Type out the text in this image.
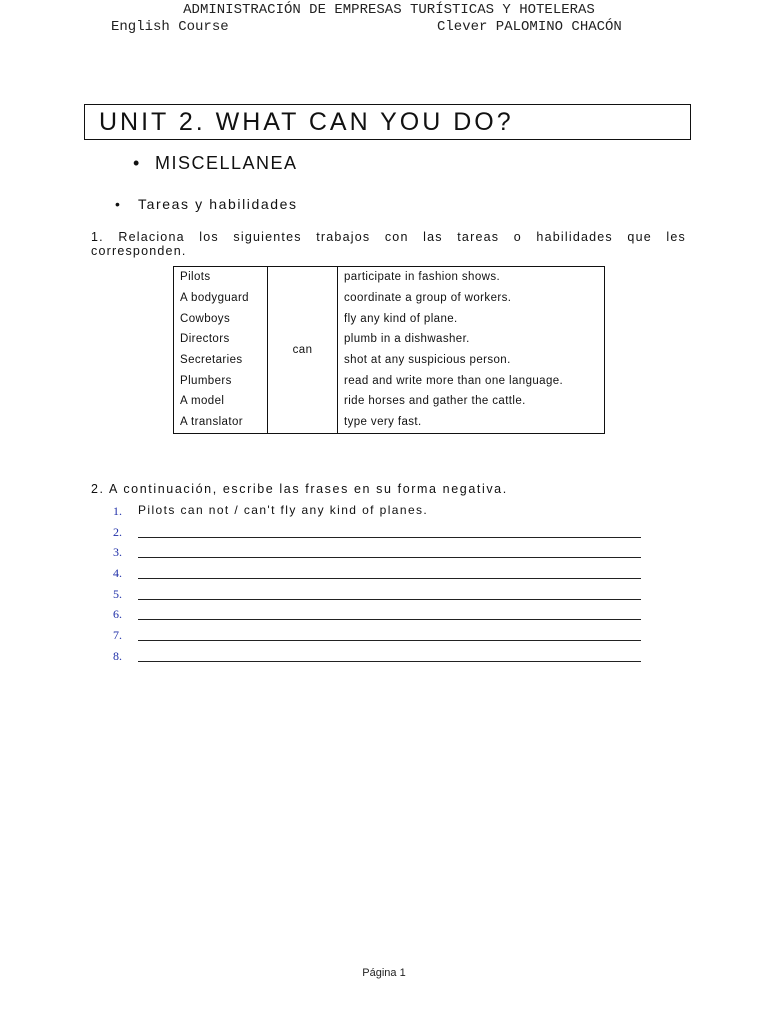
ADMINISTRACIÓN DE EMPRESAS TURÍSTICAS Y HOTELERAS
English Course	Clever PALOMINO CHACÓN
UNIT 2. WHAT CAN YOU DO?
• MISCELLANEA
• Tareas y habilidades
1. Relaciona los siguientes trabajos con las tareas o habilidades que les corresponden.
Pilots	can	participate in fashion shows.
A bodyguard		coordinate a group of workers.
Cowboys		fly any kind of plane.
Directors		plumb in a dishwasher.
Secretaries		shot at any suspicious person.
Plumbers		read and write more than one language.
A model		ride horses and gather the cattle.
A translator		type very fast.
2. A continuación, escribe las frases en su forma negativa.
1. Pilots can not / can't fly any kind of planes.
2.
3.
4.
5.
6.
7.
8.
Página 1
